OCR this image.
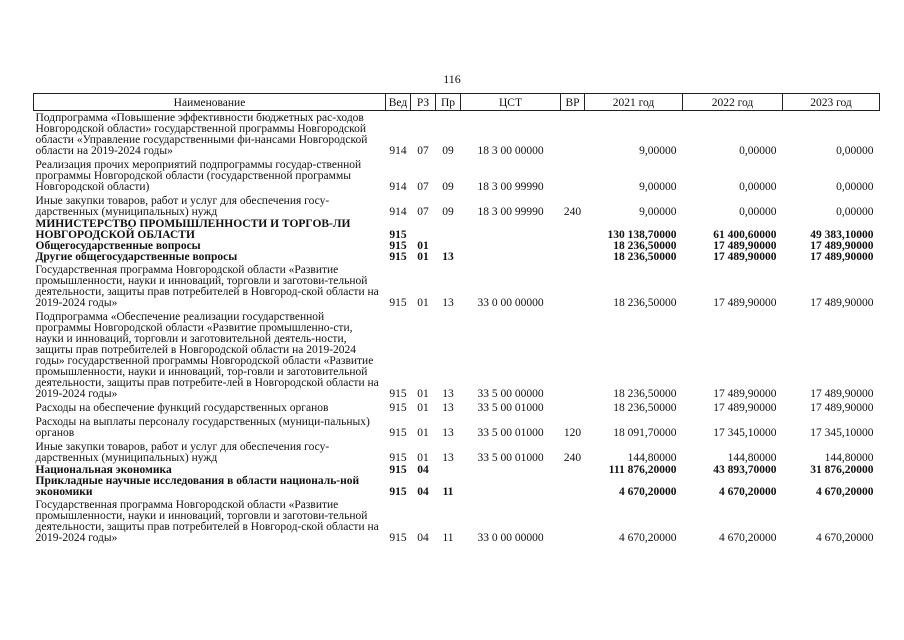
116
Наименование	Вед	РЗ	Пр	ЦСТ	ВР	2021 год	2022 год	2023 год
Подпрограмма «Повышение эффективности бюджетных рас-ходов Новгородской области» государственной программы Новгородской области «Управление государственными фи-нансами Новгородской области на 2019-2024 годы»	914	07	09	18 3 00 00000		9,00000	0,00000	0,00000
Реализация прочих мероприятий подпрограммы государ-ственной программы Новгородской области (государственной программы Новгородской области)	914	07	09	18 3 00 99990		9,00000	0,00000	0,00000
Иные закупки товаров, работ и услуг для обеспечения госу-дарственных (муниципальных) нужд	914	07	09	18 3 00 99990	240	9,00000	0,00000	0,00000
МИНИСТЕРСТВО ПРОМЫШЛЕННОСТИ И ТОРГОВ-ЛИ НОВГОРОДСКОЙ ОБЛАСТИ	915					130 138,70000	61 400,60000	49 383,10000
Общегосударственные вопросы	915	01				18 236,50000	17 489,90000	17 489,90000
Другие общегосударственные вопросы	915	01	13			18 236,50000	17 489,90000	17 489,90000
Государственная программа Новгородской области «Развитие промышленности, науки и инноваций, торговли и заготови-тельной деятельности, защиты прав потребителей в Новгород-ской области на 2019-2024 годы»	915	01	13	33 0 00 00000		18 236,50000	17 489,90000	17 489,90000
Подпрограмма «Обеспечение реализации государственной программы Новгородской области «Развитие промышленно-сти, науки и инноваций, торговли и заготовительной деятель-ности, защиты прав потребителей в Новгородской области на 2019-2024 годы» государственной программы Новгородской области «Развитие промышленности, науки и инноваций, тор-говли и заготовительной деятельности, защиты прав потребите-лей в Новгородской области на 2019-2024 годы»	915	01	13	33 5 00 00000		18 236,50000	17 489,90000	17 489,90000
Расходы на обеспечение функций государственных органов	915	01	13	33 5 00 01000		18 236,50000	17 489,90000	17 489,90000
Расходы на выплаты персоналу государственных (муници-пальных) органов	915	01	13	33 5 00 01000	120	18 091,70000	17 345,10000	17 345,10000
Иные закупки товаров, работ и услуг для обеспечения госу-дарственных (муниципальных) нужд	915	01	13	33 5 00 01000	240	144,80000	144,80000	144,80000
Национальная экономика	915	04				111 876,20000	43 893,70000	31 876,20000
Прикладные научные исследования в области националь-ной экономики	915	04	11			4 670,20000	4 670,20000	4 670,20000
Государственная программа Новгородской области «Развитие промышленности, науки и инноваций, торговли и заготови-тельной деятельности, защиты прав потребителей в Новгород-ской области на 2019-2024 годы»	915	04	11	33 0 00 00000		4 670,20000	4 670,20000	4 670,20000
